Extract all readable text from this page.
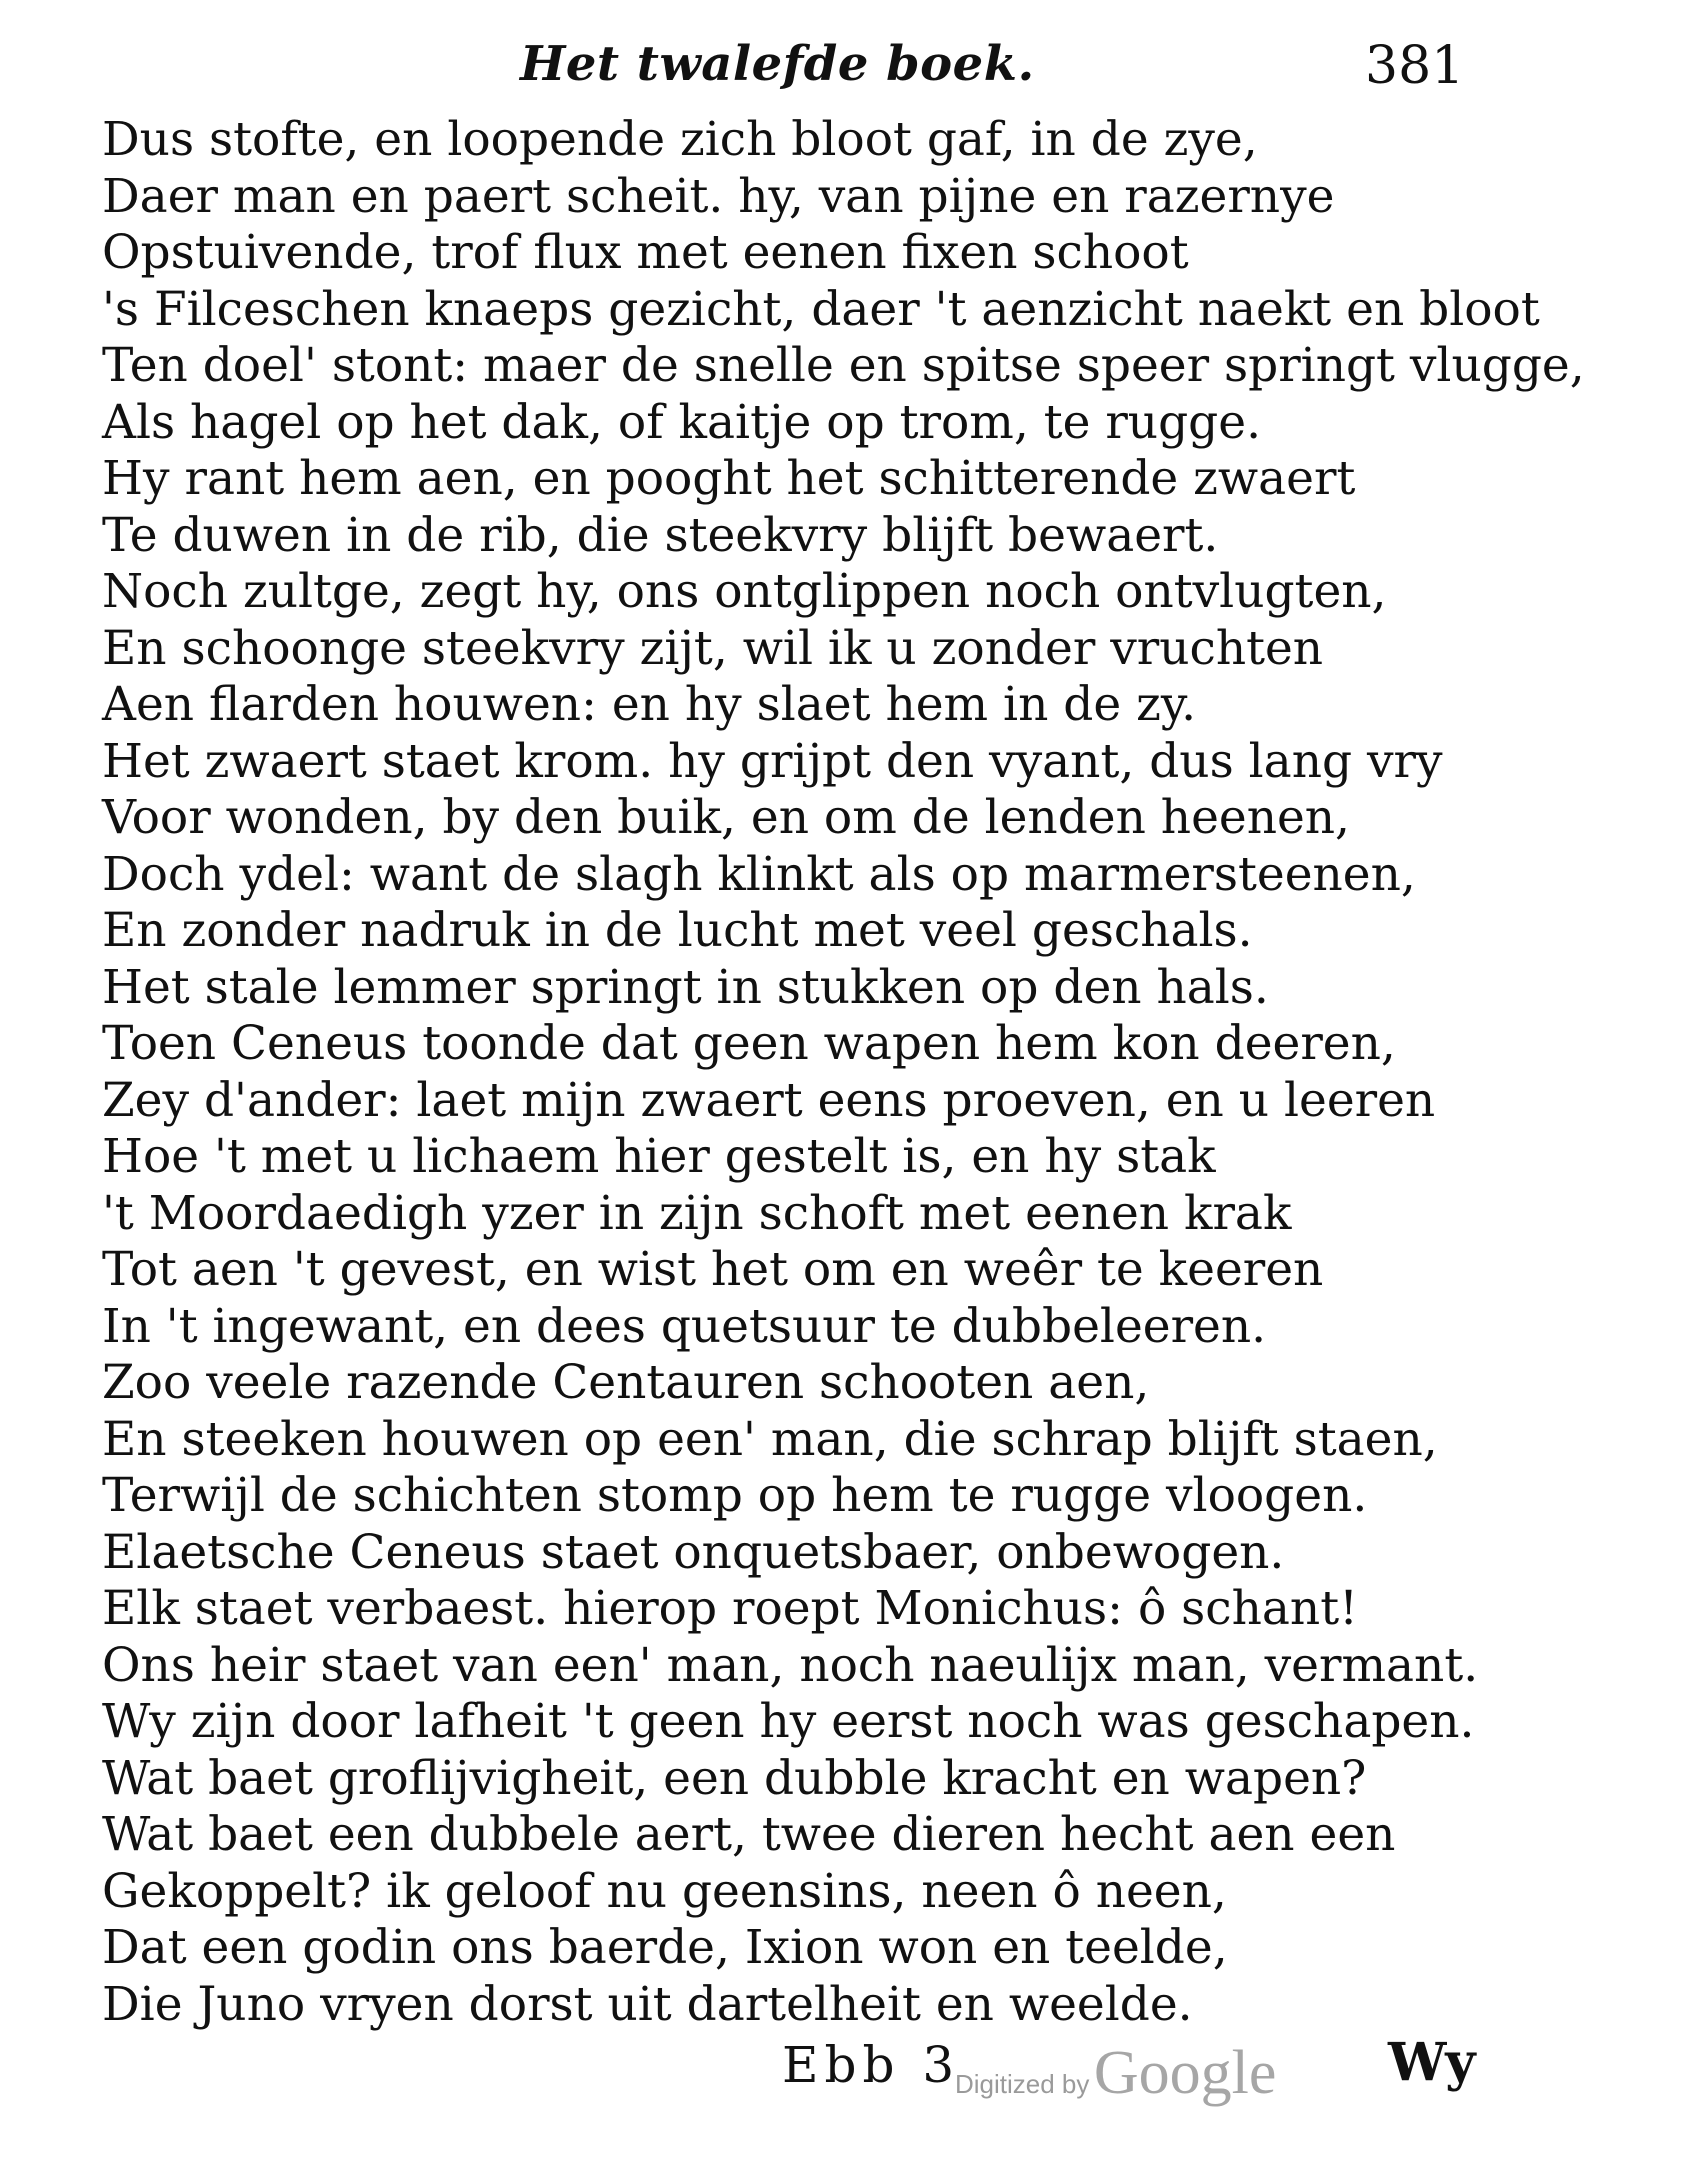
Het twalefde boek.	381
Dus stofte, en loopende zich bloot gaf, in de zye,
Daer man en paert scheit. hy, van pijne en razernye
Opstuivende, trof flux met eenen fixen schoot
's Filceschen knaeps gezicht, daer 't aenzicht naekt en bloot
Ten doel' stont: maer de snelle en spitse speer springt vlugge,
Als hagel op het dak, of kaitje op trom, te rugge.
Hy rant hem aen, en pooght het schitterende zwaert
Te duwen in de rib, die steekvry blijft bewaert.
Noch zultge, zegt hy, ons ontglippen noch ontvlugten,
En schoonge steekvry zijt, wil ik u zonder vruchten
Aen flarden houwen: en hy slaet hem in de zy.
Het zwaert staet krom. hy grijpt den vyant, dus lang vry
Voor wonden, by den buik, en om de lenden heenen,
Doch ydel: want de slagh klinkt als op marmersteenen,
En zonder nadruk in de lucht met veel geschals.
Het stale lemmer springt in stukken op den hals.
Toen Ceneus toonde dat geen wapen hem kon deeren,
Zey d'ander: laet mijn zwaert eens proeven, en u leeren
Hoe 't met u lichaem hier gestelt is, en hy stak
't Moordaedigh yzer in zijn schoft met eenen krak
Tot aen 't gevest, en wist het om en weêr te keeren
In 't ingewant, en dees quetsuur te dubbeleeren.
Zoo veele razende Centauren schooten aen,
En steeken houwen op een' man, die schrap blijft staen,
Terwijl de schichten stomp op hem te rugge vloogen.
Elaetsche Ceneus staet onquetsbaer, onbewogen.
Elk staet verbaest. hierop roept Monichus: ô schant!
Ons heir staet van een' man, noch naeulijx man, vermant.
Wy zijn door lafheit 't geen hy eerst noch was geschapen.
Wat baet groflijvigheit, een dubble kracht en wapen?
Wat baet een dubbele aert, twee dieren hecht aen een
Gekoppelt? ik geloof nu geensins, neen ô neen,
Dat een godin ons baerde, Ixion won en teelde,
Die Juno vryen dorst uit dartelheit en weelde.
Ebb 3
Digitized by Google Wy
